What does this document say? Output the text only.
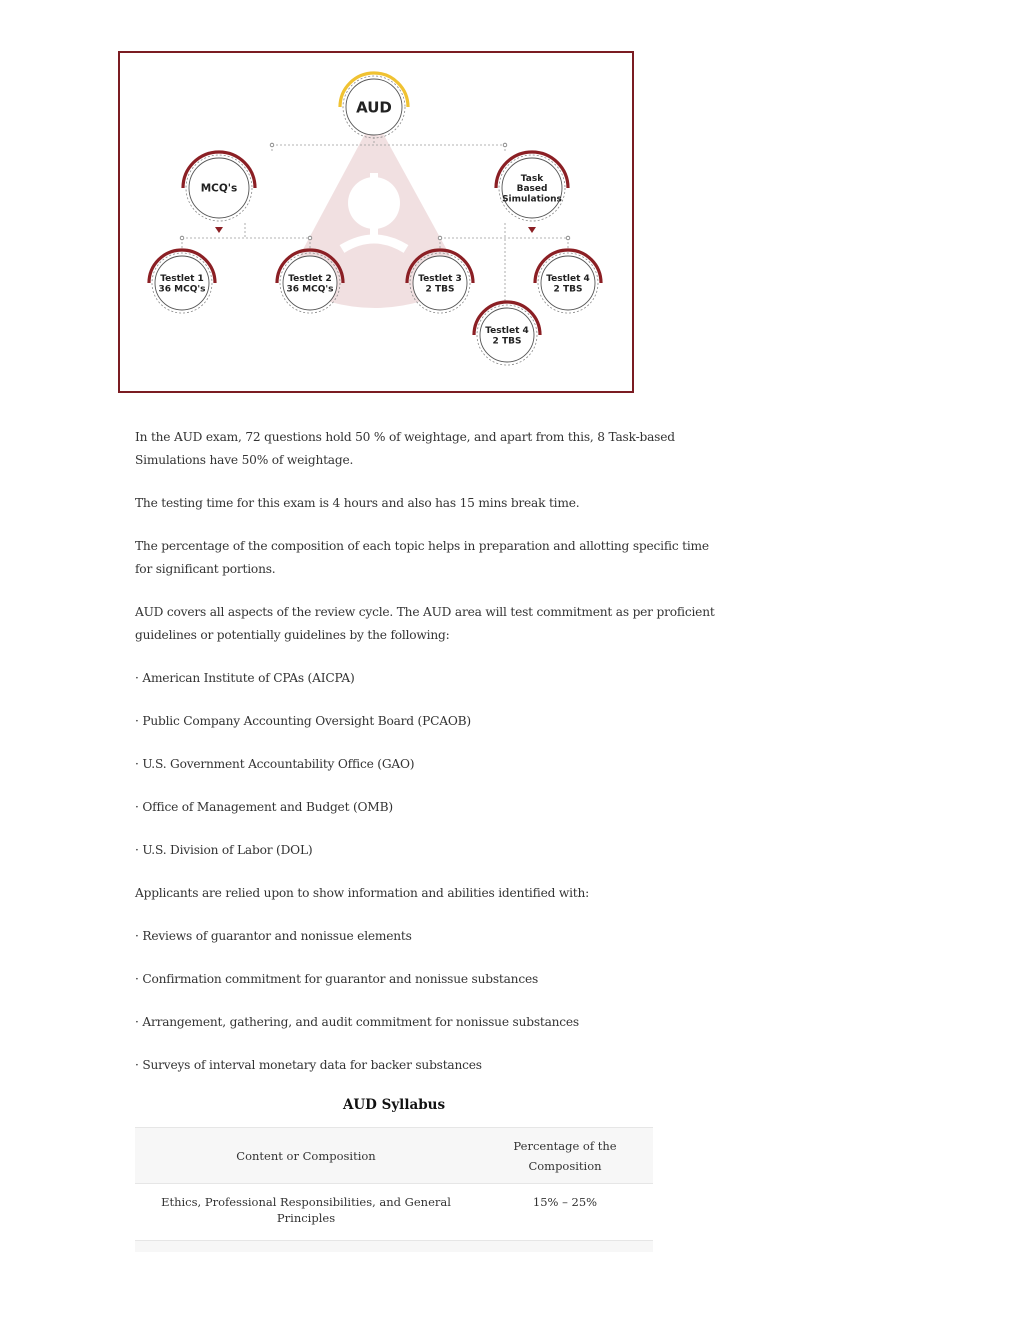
AUD
MCQ's
Task
Based
Simulations
Testlet 1
36 MCQ's
Testlet 2
36 MCQ's
Testlet 3
2 TBS
Testlet 4
2 TBS
Testlet 4
2 TBS

In the AUD exam, 72 questions hold 50 % of weightage, and apart from this, 8 Task-based
Simulations have 50% of weightage.

The testing time for this exam is 4 hours and also has 15 mins break time.

The percentage of the composition of each topic helps in preparation and allotting specific time
for significant portions.

AUD covers all aspects of the review cycle. The AUD area will test commitment as per proficient
guidelines or potentially guidelines by the following:

· American Institute of CPAs (AICPA)

· Public Company Accounting Oversight Board (PCAOB)

· U.S. Government Accountability Office (GAO)

· Office of Management and Budget (OMB)

· U.S. Division of Labor (DOL)

Applicants are relied upon to show information and abilities identified with:

· Reviews of guarantor and nonissue elements

· Confirmation commitment for guarantor and nonissue substances

· Arrangement, gathering, and audit commitment for nonissue substances

· Surveys of interval monetary data for backer substances

AUD Syllabus
Content or Composition	Percentage of the
Composition
Ethics, Professional Responsibilities, and General Principles	15% – 25%
